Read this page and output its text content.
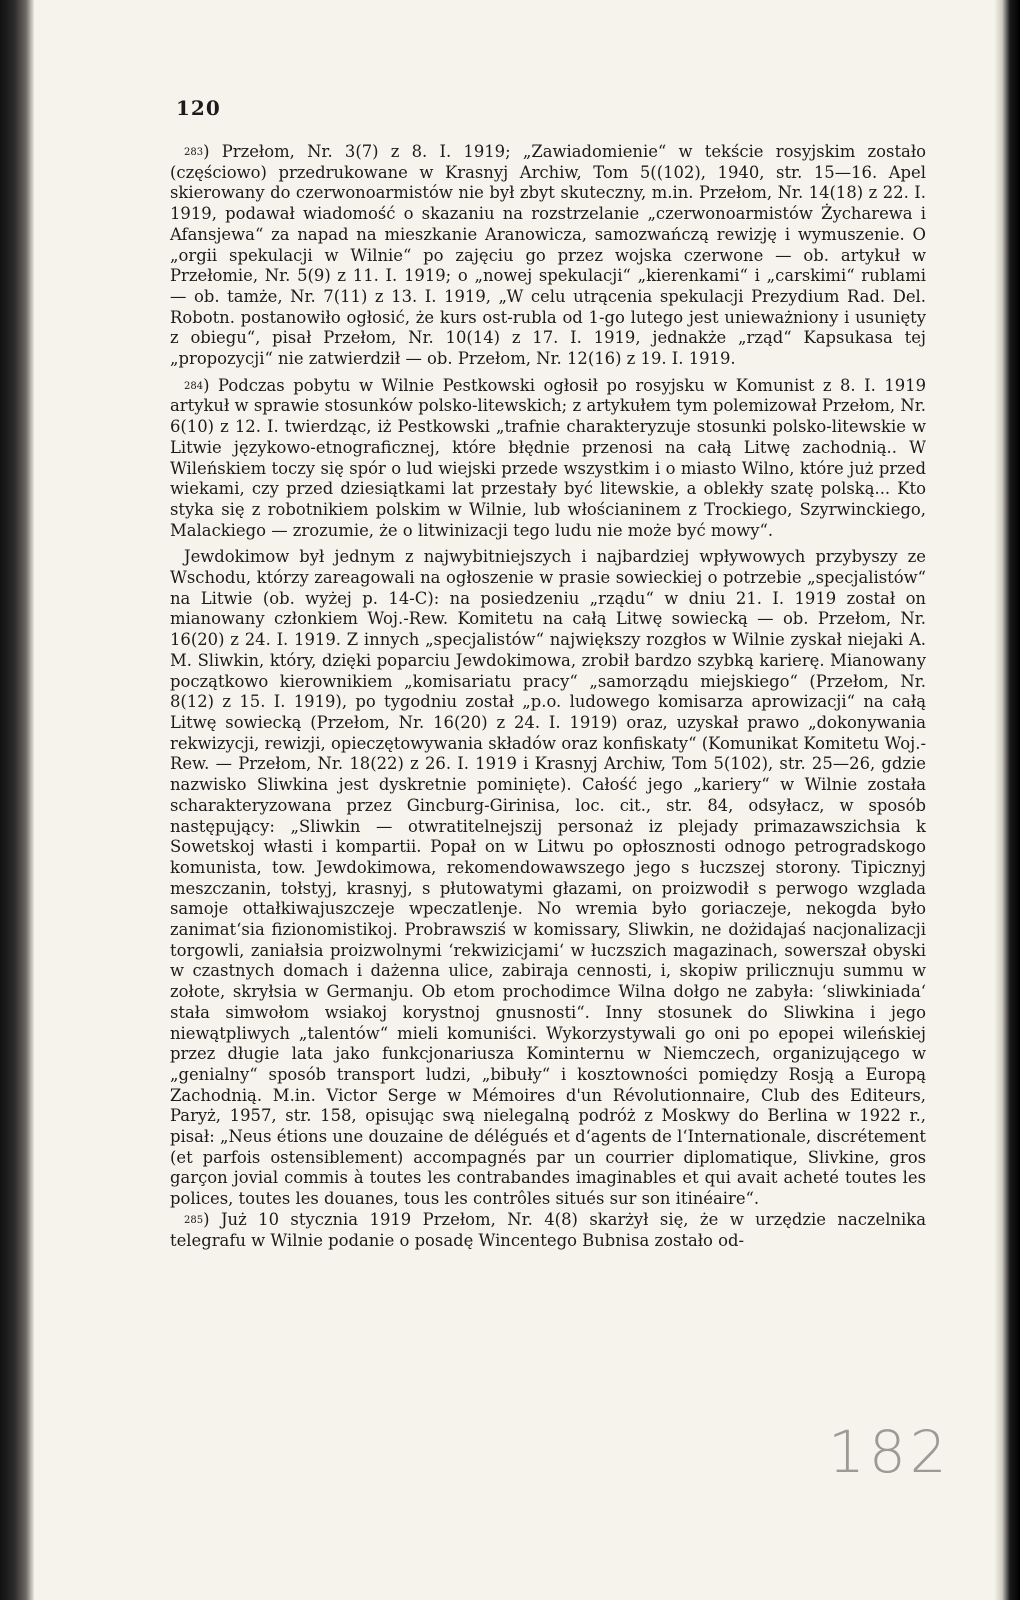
120

$^{283}$) Przełom, Nr. 3(7) z 8. I. 1919; „Zawiadomienie“ w tekście rosyjskim zostało (częściowo) przedrukowane w Krasnyj Archiw, Tom 5((102), 1940, str. 15—16. Apel skierowany do czerwonoarmistów nie był zbyt skuteczny, m.in. Przełom, Nr. 14(18) z 22. I. 1919, podawał wiadomość o skazaniu na rozstrzelanie „czerwonoarmistów Życharewa i Afansjewa“ za napad na mieszkanie Aranowicza, samozwańczą rewizję i wymuszenie. O „orgii spekulacji w Wilnie“ po zajęciu go przez wojska czerwone — ob. artykuł w Przełomie, Nr. 5(9) z 11. I. 1919; o „nowej spekulacji“ „kierenkami“ i „carskimi“ rublami — ob. tamże, Nr. 7(11) z 13. I. 1919, „W celu utrącenia spekulacji Prezydium Rad. Del. Robotn. postanowiło ogłosić, że kurs ost-rubla od 1-go lutego jest unieważniony i usunięty z obiegu“, pisał Przełom, Nr. 10(14) z 17. I. 1919, jednakże „rząd“ Kapsukasa tej „propozycji“ nie zatwierdził — ob. Przełom, Nr. 12(16) z 19. I. 1919.

$^{284}$) Podczas pobytu w Wilnie Pestkowski ogłosił po rosyjsku w Komunist z 8. I. 1919 artykuł w sprawie stosunków polsko-litewskich; z artykułem tym polemizował Przełom, Nr. 6(10) z 12. I. twierdząc, iż Pestkowski „trafnie charakteryzuje stosunki polsko-litewskie w Litwie językowo-etnograficznej, które błędnie przenosi na całą Litwę zachodnią.. W Wileńskiem toczy się spór o lud wiejski przede wszystkim i o miasto Wilno, które już przed wiekami, czy przed dziesiątkami lat przestały być litewskie, a oblekły szatę polską... Kto styka się z robotnikiem polskim w Wilnie, lub włościaninem z Trockiego, Szyrwinckiego, Malackiego — zrozumie, że o litwinizacji tego ludu nie może być mowy“.

Jewdokimow był jednym z najwybitniejszych i najbardziej wpływowych przybyszy ze Wschodu, którzy zareagowali na ogłoszenie w prasie sowieckiej o potrzebie „specjalistów“ na Litwie (ob. wyżej p. 14-C): na posiedzeniu „rządu“ w dniu 21. I. 1919 został on mianowany członkiem Woj.-Rew. Komitetu na całą Litwę sowiecką — ob. Przełom, Nr. 16(20) z 24. I. 1919. Z innych „specjalistów“ największy rozgłos w Wilnie zyskał niejaki A. M. Sliwkin, który, dzięki poparciu Jewdokimowa, zrobił bardzo szybką karierę. Mianowany początkowo kierownikiem „komisariatu pracy“ „samorządu miejskiego“ (Przełom, Nr. 8(12) z 15. I. 1919), po tygodniu został „p.o. ludowego komisarza aprowizacji“ na całą Litwę sowiecką (Przełom, Nr. 16(20) z 24. I. 1919) oraz, uzyskał prawo „dokonywania rekwizycji, rewizji, opieczętowywania składów oraz konfiskaty“ (Komunikat Komitetu Woj.-Rew. — Przełom, Nr. 18(22) z 26. I. 1919 i Krasnyj Archiw, Tom 5(102), str. 25—26, gdzie nazwisko Sliwkina jest dyskretnie pominięte). Całość jego „kariery“ w Wilnie została scharakteryzowana przez Gincburg-Girinisa, loc. cit., str. 84, odsyłacz, w sposób następujący: „Sliwkin — otwratitelnejszij personaż iz plejady primazawszichsia k Sowetskoj własti i kompartii. Popał on w Litwu po opłosznosti odnogo petrogradskogo komunista, tow. Jewdokimowa, rekomendowawszego jego s łuczszej storony. Tipicznyj meszczanin, tołstyj, krasnyj, s płutowatymi głazami, on proizwodił s perwogo wzglada samoje ottałkiwajuszczeje wpeczatlenje. No wremia było goriaczeje, nekogda było zanimat‘sia fizionomistikoj. Probrawsziś w komissary, Sliwkin, ne dożidajaś nacjonalizacji torgowli, zaniałsia proizwolnymi ‘rekwizicjami‘ w łuczszich magazinach, sowerszał obyski w czastnych domach i dażenna ulice, zabiraja cennosti, i, skopiw prilicznuju summu w zołote, skryłsia w Germanju. Ob etom prochodimce Wilna dołgo ne zabyła: ‘sliwkiniada‘ stała simwołom wsiakoj korystnoj gnusnosti“. Inny stosunek do Sliwkina i jego niewątpliwych „talentów“ mieli komuniści. Wykorzystywali go oni po epopei wileńskiej przez długie lata jako funkcjonariusza Kominternu w Niemczech, organizującego w „genialny“ sposób transport ludzi, „bibuły“ i kosztowności pomiędzy Rosją a Europą Zachodnią. M.in. Victor Serge w Mémoires d'un Révolutionnaire, Club des Editeurs, Paryż, 1957, str. 158, opisując swą nielegalną podróż z Moskwy do Berlina w 1922 r., pisał: „Neus étions une douzaine de délégués et d‘agents de l‘Internationale, discrétement (et parfois ostensiblement) accompagnés par un courrier diplomatique, Slivkine, gros garçon jovial commis à toutes les contrabandes imaginables et qui avait acheté toutes les polices, toutes les douanes, tous les contrôles situés sur son itinéaire“.

$^{285}$) Już 10 stycznia 1919 Przełom, Nr. 4(8) skarżył się, że w urzędzie naczelnika telegrafu w Wilnie podanie o posadę Wincentego Bubnisa zostało od-

182
